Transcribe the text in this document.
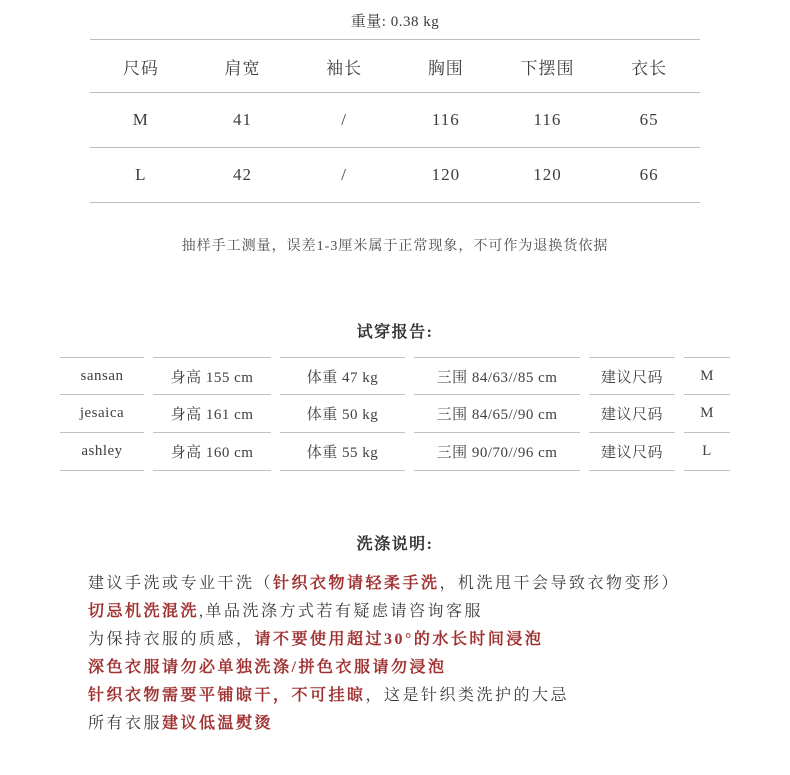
重量: 0.38 kg
尺码	肩宽	袖长	胸围	下摆围	衣长
M	41	/	116	116	65
L	42	/	120	120	66
抽样手工测量，误差1-3厘米属于正常现象，不可作为退换货依据
试穿报告:
sansan	身高 155 cm	体重 47 kg	三围 84/63//85 cm	建议尺码	M
jesaica	身高 161 cm	体重 50 kg	三围 84/65//90 cm	建议尺码	M
ashley	身高 160 cm	体重 55 kg	三围 90/70//96 cm	建议尺码	L
洗涤说明:

建议手洗或专业干洗（针织衣物请轻柔手洗，机洗甩干会导致衣物变形）

切忌机洗混洗,单品洗涤方式若有疑虑请咨询客服

为保持衣服的质感，请不要使用超过30°的水长时间浸泡

深色衣服请勿必单独洗涤/拼色衣服请勿浸泡

针织衣物需要平铺晾干，不可挂晾，这是针织类洗护的大忌

所有衣服建议低温熨烫
